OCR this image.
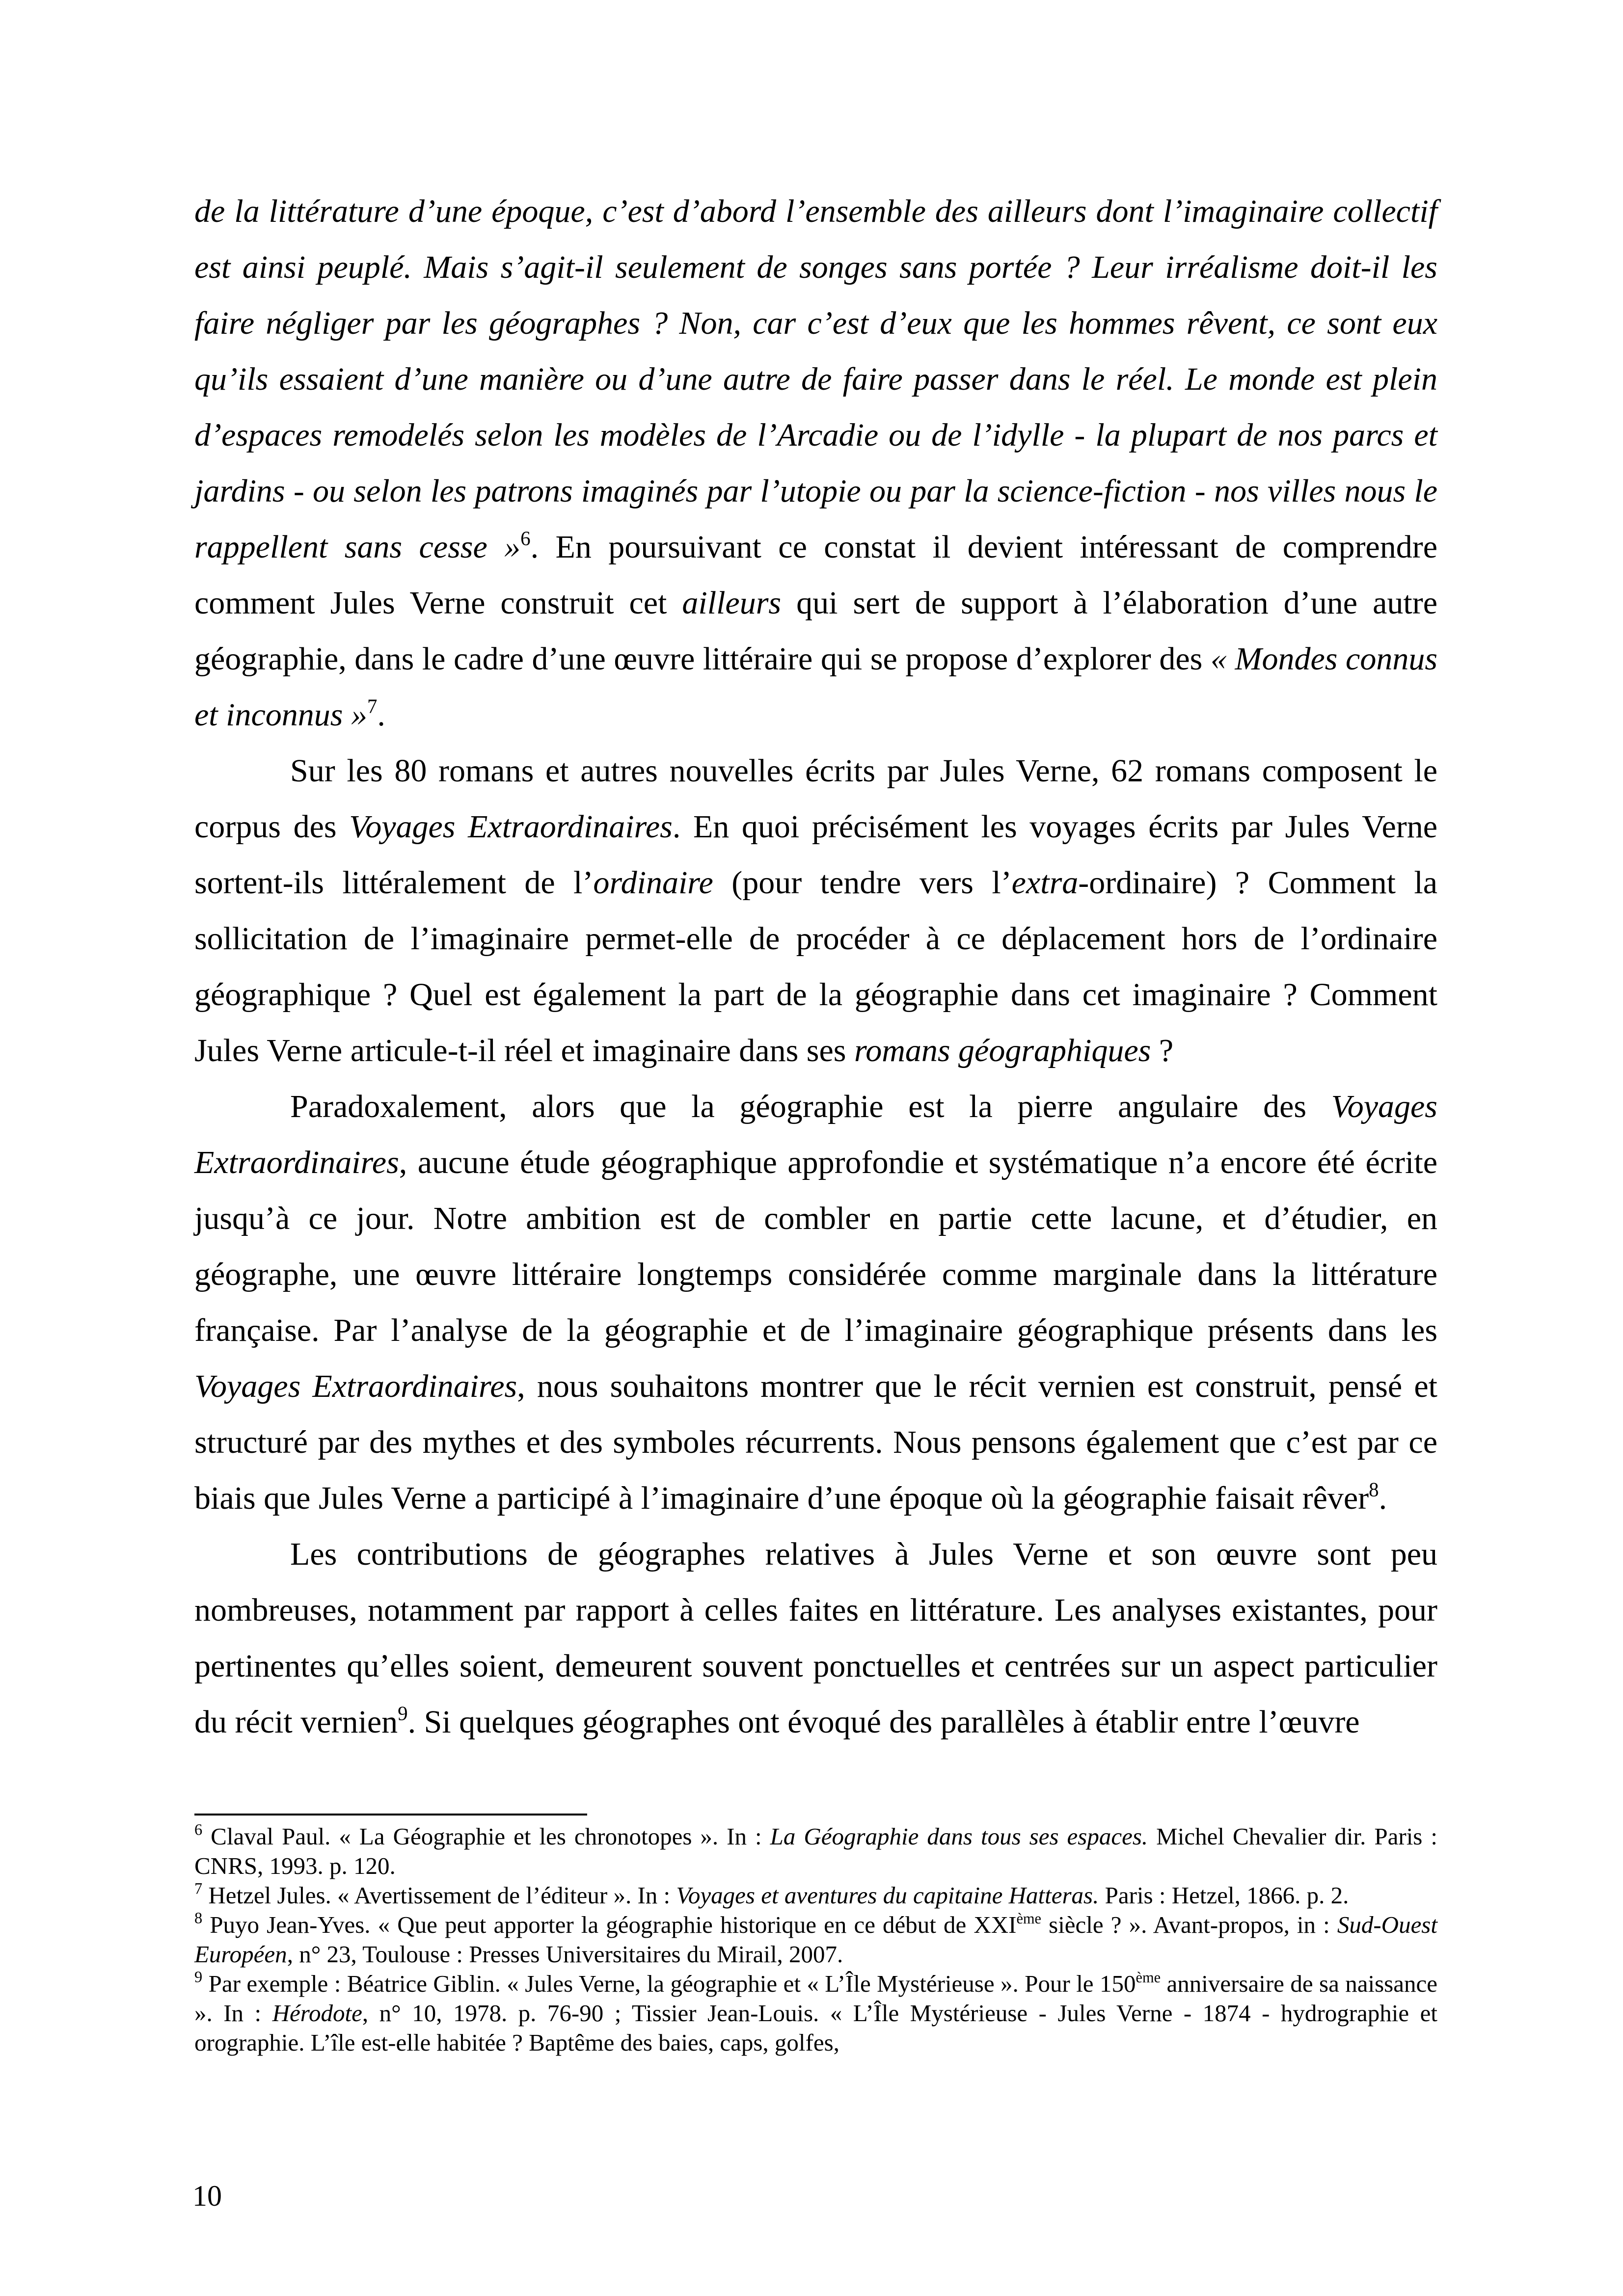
de la littérature d’une époque, c’est d’abord l’ensemble des ailleurs dont l’imaginaire collectif est ainsi peuplé. Mais s’agit-il seulement de songes sans portée ? Leur irréalisme doit-il les faire négliger par les géographes ? Non, car c’est d’eux que les hommes rêvent, ce sont eux qu’ils essaient d’une manière ou d’une autre de faire passer dans le réel. Le monde est plein d’espaces remodelés selon les modèles de l’Arcadie ou de l’idylle - la plupart de nos parcs et jardins - ou selon les patrons imaginés par l’utopie ou par la science-fiction - nos villes nous le rappellent sans cesse »$^6$. En poursuivant ce constat il devient intéressant de comprendre comment Jules Verne construit cet ailleurs qui sert de support à l’élaboration d’une autre géographie, dans le cadre d’une œuvre littéraire qui se propose d’explorer des « Mondes connus et inconnus »$^7$.

Sur les 80 romans et autres nouvelles écrits par Jules Verne, 62 romans composent le corpus des Voyages Extraordinaires. En quoi précisément les voyages écrits par Jules Verne sortent-ils littéralement de l’ordinaire (pour tendre vers l’extra-ordinaire) ? Comment la sollicitation de l’imaginaire permet-elle de procéder à ce déplacement hors de l’ordinaire géographique ? Quel est également la part de la géographie dans cet imaginaire ? Comment Jules Verne articule-t-il réel et imaginaire dans ses romans géographiques ?

Paradoxalement, alors que la géographie est la pierre angulaire des Voyages Extraordinaires, aucune étude géographique approfondie et systématique n’a encore été écrite jusqu’à ce jour. Notre ambition est de combler en partie cette lacune, et d’étudier, en géographe, une œuvre littéraire longtemps considérée comme marginale dans la littérature française. Par l’analyse de la géographie et de l’imaginaire géographique présents dans les Voyages Extraordinaires, nous souhaitons montrer que le récit vernien est construit, pensé et structuré par des mythes et des symboles récurrents. Nous pensons également que c’est par ce biais que Jules Verne a participé à l’imaginaire d’une époque où la géographie faisait rêver$^8$.

Les contributions de géographes relatives à Jules Verne et son œuvre sont peu nombreuses, notamment par rapport à celles faites en littérature. Les analyses existantes, pour pertinentes qu’elles soient, demeurent souvent ponctuelles et centrées sur un aspect particulier du récit vernien$^9$. Si quelques géographes ont évoqué des parallèles à établir entre l’œuvre

$^6$ Claval Paul. « La Géographie et les chronotopes ». In : La Géographie dans tous ses espaces. Michel Chevalier dir. Paris : CNRS, 1993. p. 120.

$^7$ Hetzel Jules. « Avertissement de l’éditeur ». In : Voyages et aventures du capitaine Hatteras. Paris : Hetzel, 1866. p. 2.

$^8$ Puyo Jean-Yves. « Que peut apporter la géographie historique en ce début de XXIème siècle ? ». Avant-propos, in : Sud-Ouest Européen, n° 23, Toulouse : Presses Universitaires du Mirail, 2007.

$^9$ Par exemple : Béatrice Giblin. « Jules Verne, la géographie et « L’Île Mystérieuse ». Pour le 150ème anniversaire de sa naissance ». In : Hérodote, n° 10, 1978. p. 76-90 ; Tissier Jean-Louis. « L’Île Mystérieuse - Jules Verne - 1874 - hydrographie et orographie. L’île est-elle habitée ? Baptême des baies, caps, golfes,

10
